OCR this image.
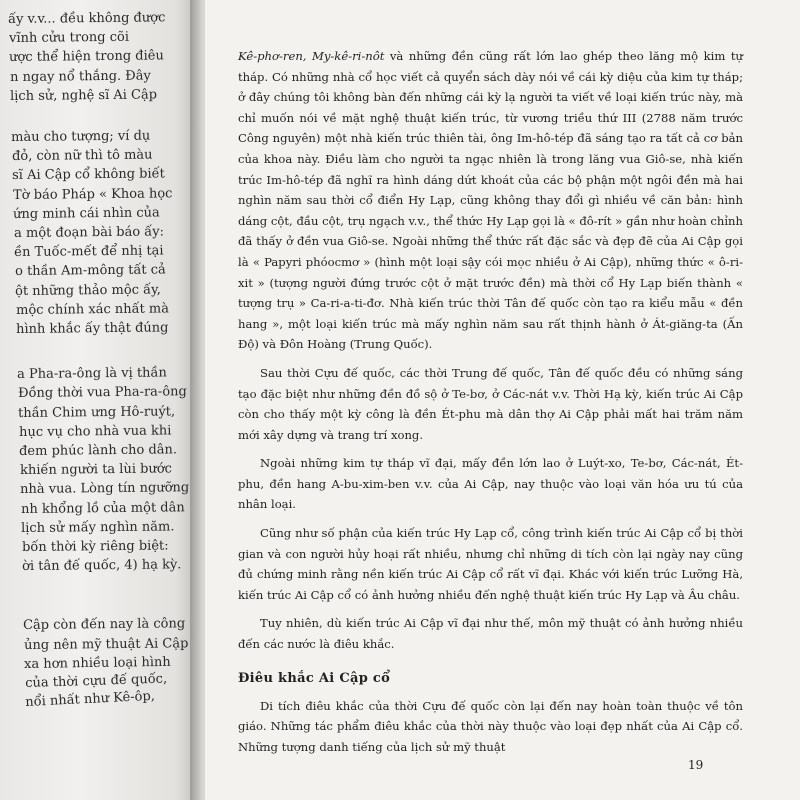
ấy v.v... đều không được
vĩnh cửu trong cõi
ược thể hiện trong điêu
n ngay nổ thắng. Đây
lịch sử, nghệ sĩ Ai Cập
màu cho tượng; ví dụ
đỏ, còn nữ thì tô màu
sĩ Ai Cập cổ không biết
Tờ báo Pháp « Khoa học
ứng minh cái nhìn của
a một đoạn bài báo ấy:
ền Tuốc-mết để nhị tại
o thần Am-mông tất cả
ột những thảo mộc ấy,
mộc chính xác nhất mà
hình khắc ấy thật đúng
a Pha-ra-ông là vị thần
Đồng thời vua Pha-ra-ông
thần Chim ưng Hô-ruýt,
hục vụ cho nhà vua khi
đem phúc lành cho dân.
khiến người ta lùi bước
nhà vua. Lòng tín ngưỡng
nh khổng lồ của một dân
lịch sử mấy nghìn năm.
bốn thời kỳ riêng biệt:
ời tân đế quốc, 4) hạ kỳ.
Cập còn đến nay là công
ủng nên mỹ thuật Ai Cập
xa hơn nhiều loại hình
của thời cựu đế quốc,
nổi nhất như Kê-ôp,

Kê-phơ-ren, My-kê-ri-nôt và những đền cũng rất lớn lao ghép theo lăng mộ kim tự tháp. Có những nhà cổ học viết cả quyển sách dày nói về cái kỳ diệu của kim tự tháp; ở đây chúng tôi không bàn đến những cái kỳ lạ người ta viết về loại kiến trúc này, mà chỉ muốn nói về mặt nghệ thuật kiến trúc, từ vương triều thứ III (2788 năm trước Công nguyên) một nhà kiến trúc thiên tài, ông Im-hô-tép đã sáng tạo ra tất cả cơ bản của khoa này. Điều làm cho người ta ngạc nhiên là trong lăng vua Giô-se, nhà kiến trúc Im-hô-tép đã nghĩ ra hình dáng dứt khoát của các bộ phận một ngôi đền mà hai nghìn năm sau thời cổ điển Hy Lạp, cũng không thay đổi gì nhiều về căn bản: hình dáng cột, đầu cột, trụ ngạch v.v., thể thức Hy Lạp gọi là « đô-rít » gần như hoàn chỉnh đã thấy ở đền vua Giô-se. Ngoài những thể thức rất đặc sắc và đẹp đẽ của Ai Cập gọi là « Papyri phóocmơ » (hình một loại sậy cói mọc nhiều ở Ai Cập), những thức « ô-ri-xit » (tượng người đứng trước cột ở mặt trước đền) mà thời cổ Hy Lạp biến thành « tượng trụ » Ca-ri-a-ti-đơ. Nhà kiến trúc thời Tân đế quốc còn tạo ra kiểu mẫu « đền hang », một loại kiến trúc mà mấy nghìn năm sau rất thịnh hành ở Át-giăng-ta (Ấn Độ) và Đôn Hoàng (Trung Quốc).

Sau thời Cựu đế quốc, các thời Trung đế quốc, Tân đế quốc đều có những sáng tạo đặc biệt như những đền đồ sộ ở Te-bơ, ở Các-nát v.v. Thời Hạ kỳ, kiến trúc Ai Cập còn cho thấy một kỳ công là đền Ét-phu mà dân thợ Ai Cập phải mất hai trăm năm mới xây dựng và trang trí xong.

Ngoài những kim tự tháp vĩ đại, mấy đền lớn lao ở Luýt-xo, Te-bơ, Các-nát, Ét-phu, đền hang A-bu-xim-ben v.v. của Ai Cập, nay thuộc vào loại văn hóa ưu tú của nhân loại.

Cũng như số phận của kiến trúc Hy Lạp cổ, công trình kiến trúc Ai Cập cổ bị thời gian và con người hủy hoại rất nhiều, nhưng chỉ những di tích còn lại ngày nay cũng đủ chứng minh rằng nền kiến trúc Ai Cập cổ rất vĩ đại. Khác với kiến trúc Lưỡng Hà, kiến trúc Ai Cập cổ có ảnh hưởng nhiều đến nghệ thuật kiến trúc Hy Lạp và Âu châu.

Tuy nhiên, dù kiến trúc Ai Cập vĩ đại như thế, môn mỹ thuật có ảnh hưởng nhiều đến các nước là điêu khắc.

Điêu khắc Ai Cập cổ

Di tích điêu khắc của thời Cựu đế quốc còn lại đến nay hoàn toàn thuộc về tôn giáo. Những tác phẩm điêu khắc của thời này thuộc vào loại đẹp nhất của Ai Cập cổ. Những tượng danh tiếng của lịch sử mỹ thuật

19
